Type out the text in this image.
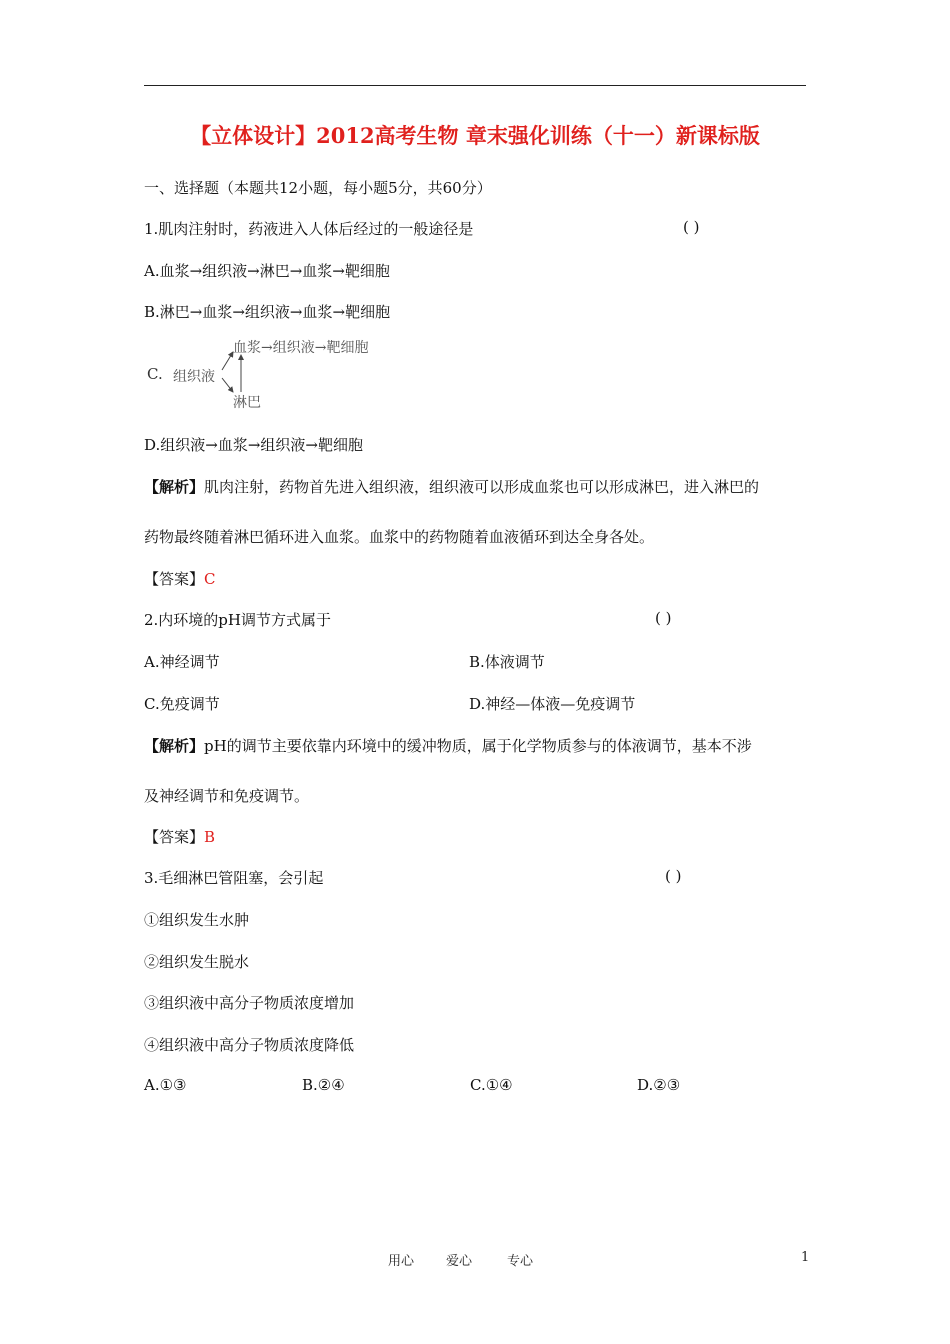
【立体设计】2012高考生物 章末强化训练（十一）新课标版
一、选择题（本题共12小题，每小题5分，共60分）
1.肌肉注射时，药液进入人体后经过的一般途径是	( )
A.血浆→组织液→淋巴→血浆→靶细胞
B.淋巴→血浆→组织液→血浆→靶细胞
C. 组织液
血浆→组织液→靶细胞
淋巴
D.组织液→血浆→组织液→靶细胞
【解析】肌肉注射，药物首先进入组织液，组织液可以形成血浆也可以形成淋巴，进入淋巴的
药物最终随着淋巴循环进入血浆。血浆中的药物随着血液循环到达全身各处。
【答案】C
2.内环境的pH调节方式属于	( )
A.神经调节	B.体液调节
C.免疫调节	D.神经—体液—免疫调节
【解析】pH的调节主要依靠内环境中的缓冲物质，属于化学物质参与的体液调节，基本不涉
及神经调节和免疫调节。
【答案】B
3.毛细淋巴管阻塞，会引起	( )
①组织发生水肿
②组织发生脱水
③组织液中高分子物质浓度增加
④组织液中高分子物质浓度降低
A.①③	B.②④	C.①④	D.②③
用心 爱心	专心	1
